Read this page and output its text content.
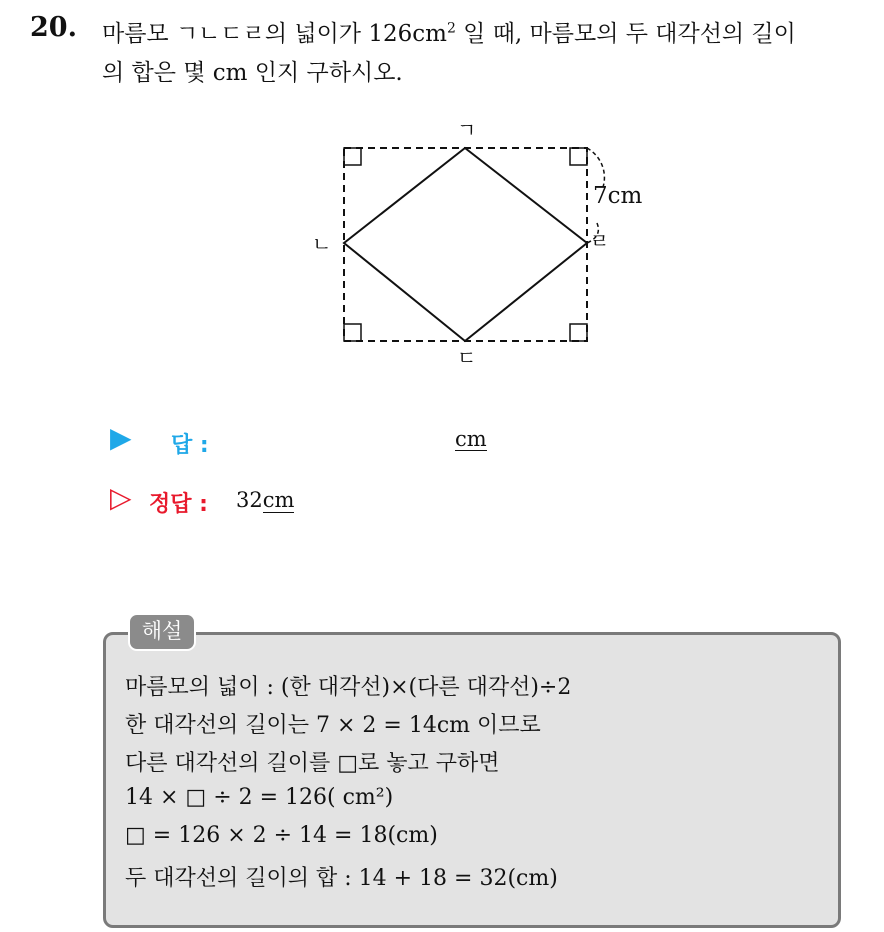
20. 마름모 ㄱㄴㄷㄹ의 넓이가 $126cm^2$ 일 때, 마름모의 두 대각선의 길이
의 합은 몇 cm 인지 구하시오.
ㄱ
ㄴ
ㄷ
ㄹ
7cm
▶ 답 :	cm
▷ 정답 : 32cm
해설
마름모의 넓이 : (한 대각선)×(다른 대각선)÷2
한 대각선의 길이는 7 × 2 = 14cm 이므로
다른 대각선의 길이를 □로 놓고 구하면
14 × □ ÷ 2 = 126( cm²)
□ = 126 × 2 ÷ 14 = 18(cm)
두 대각선의 길이의 합 : 14 + 18 = 32(cm)
